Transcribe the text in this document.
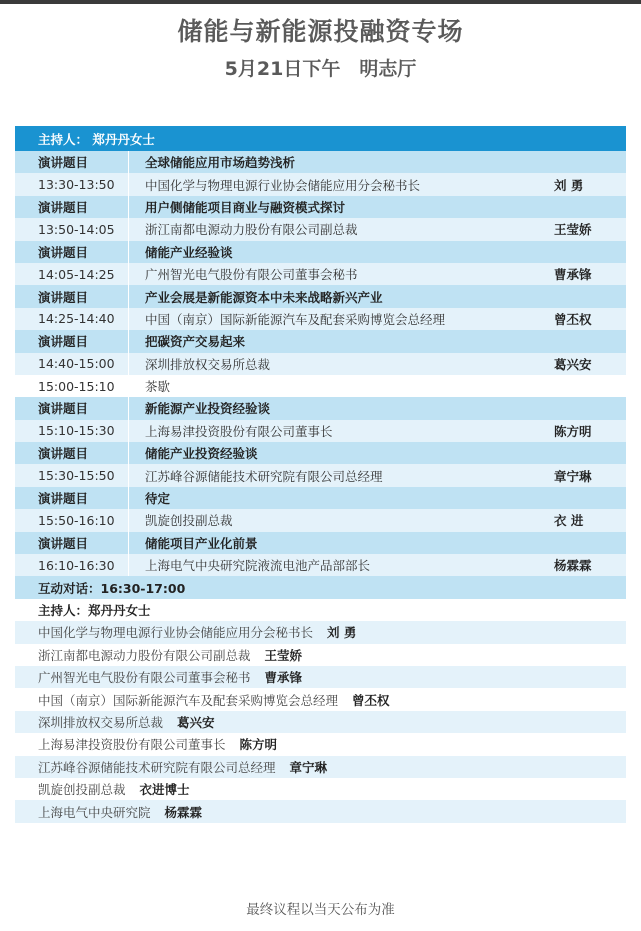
储能与新能源投融资专场
5月21日下午　明志厅
主持人： 郑丹丹女士
演讲题目	全球储能应用市场趋势浅析
13:30-13:50	中国化学与物理电源行业协会储能应用分会秘书长	刘 勇
演讲题目	用户侧储能项目商业与融资模式探讨
13:50-14:05	浙江南都电源动力股份有限公司副总裁	王莹娇
演讲题目	储能产业经验谈
14:05-14:25	广州智光电气股份有限公司董事会秘书	曹承锋
演讲题目	产业会展是新能源资本中未来战略新兴产业
14:25-14:40	中国（南京）国际新能源汽车及配套采购博览会总经理	曾丕权
演讲题目	把碳资产交易起来
14:40-15:00	深圳排放权交易所总裁	葛兴安
15:00-15:10	茶歇
演讲题目	新能源产业投资经验谈
15:10-15:30	上海易津投资股份有限公司董事长	陈方明
演讲题目	储能产业投资经验谈
15:30-15:50	江苏峰谷源储能技术研究院有限公司总经理	章宁琳
演讲题目	待定
15:50-16:10	凯旋创投副总裁	衣 进
演讲题目	储能项目产业化前景
16:10-16:30	上海电气中央研究院液流电池产品部部长	杨霖霖
互动对话：16:30-17:00
主持人：郑丹丹女士
中国化学与物理电源行业协会储能应用分会秘书长 刘 勇
浙江南都电源动力股份有限公司副总裁 王莹娇
广州智光电气股份有限公司董事会秘书 曹承锋
中国（南京）国际新能源汽车及配套采购博览会总经理 曾丕权
深圳排放权交易所总裁 葛兴安
上海易津投资股份有限公司董事长 陈方明
江苏峰谷源储能技术研究院有限公司总经理 章宁琳
凯旋创投副总裁 衣进博士
上海电气中央研究院 杨霖霖
最终议程以当天公布为准
